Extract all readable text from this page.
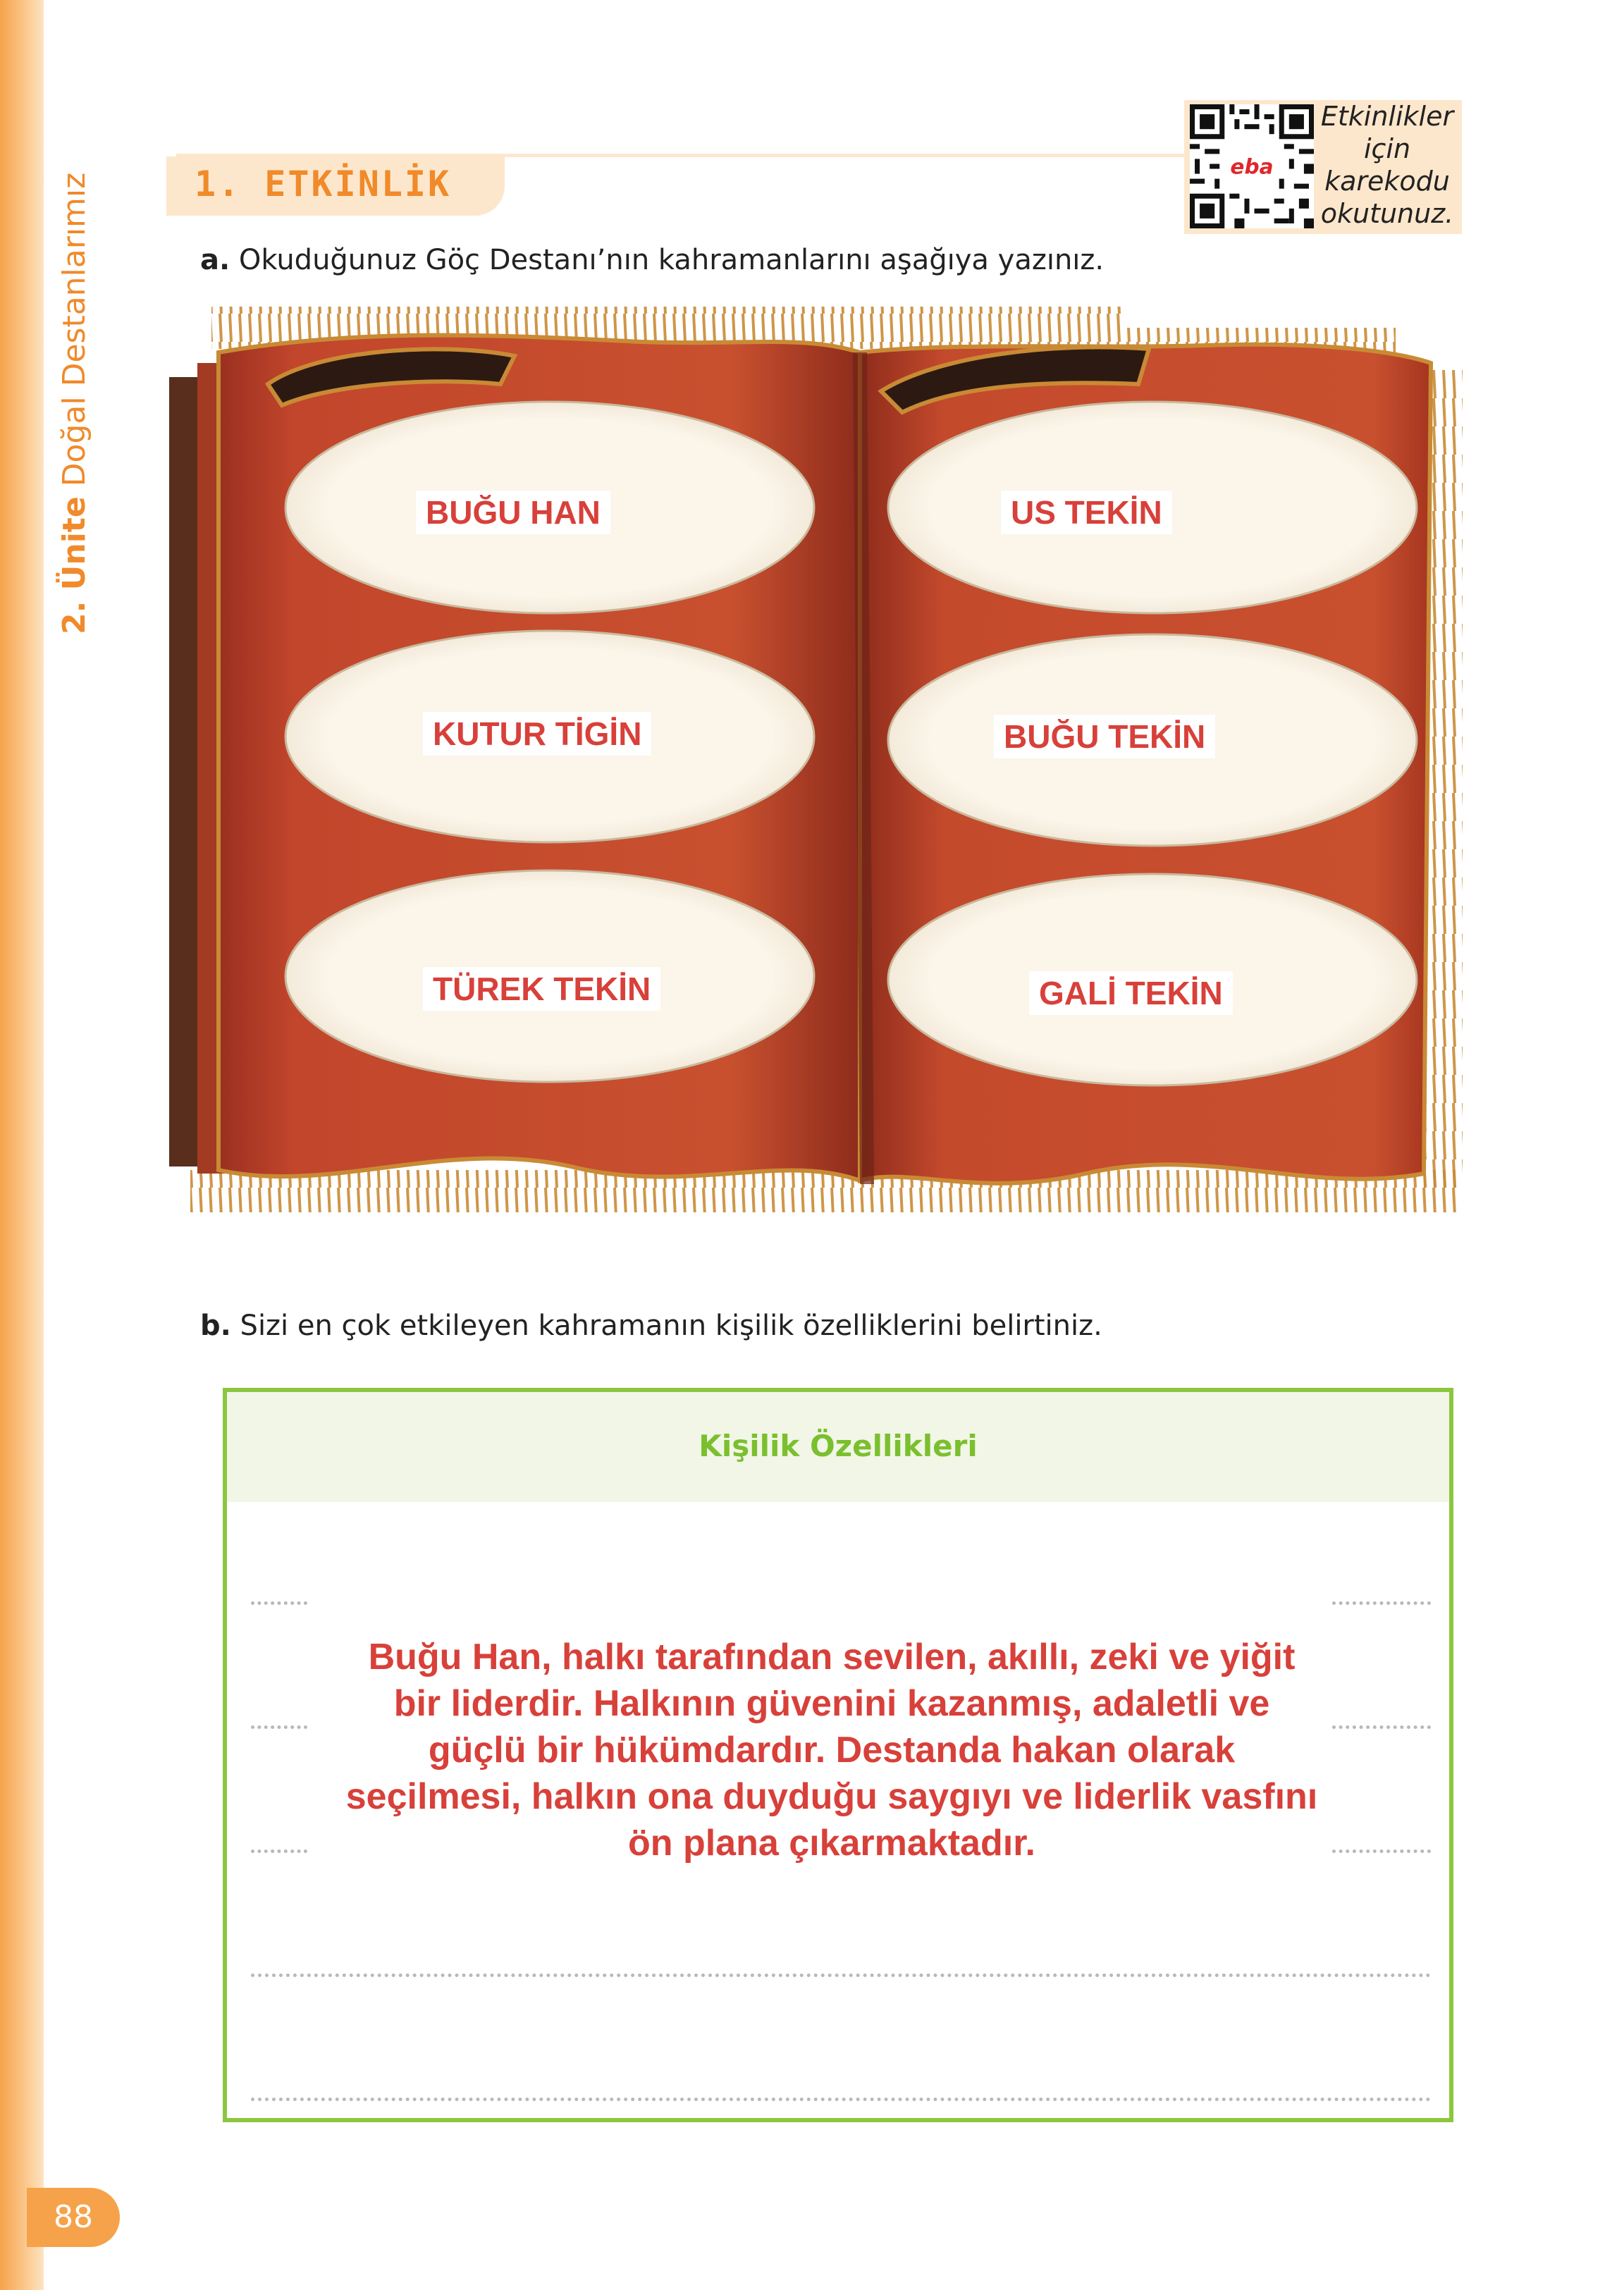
2. Ünite Doğal Destanlarımız
88
1. ETKİNLİK	eba
Etkinlikler
için
karekodu
okutunuz.
a. Okuduğunuz Göç Destanı’nın kahramanlarını aşağıya yazınız.
BUĞU HAN
KUTUR TİGİN
TÜREK TEKİN
US TEKİN
BUĞU TEKİN
GALİ TEKİN
b. Sizi en çok etkileyen kahramanın kişilik özelliklerini belirtiniz.
Kişilik Özellikleri
Buğu Han, halkı tarafından sevilen, akıllı, zeki ve yiğit
bir liderdir. Halkının güvenini kazanmış, adaletli ve
güçlü bir hükümdardır. Destanda hakan olarak
seçilmesi, halkın ona duyduğu saygıyı ve liderlik vasfını
ön plana çıkarmaktadır.
